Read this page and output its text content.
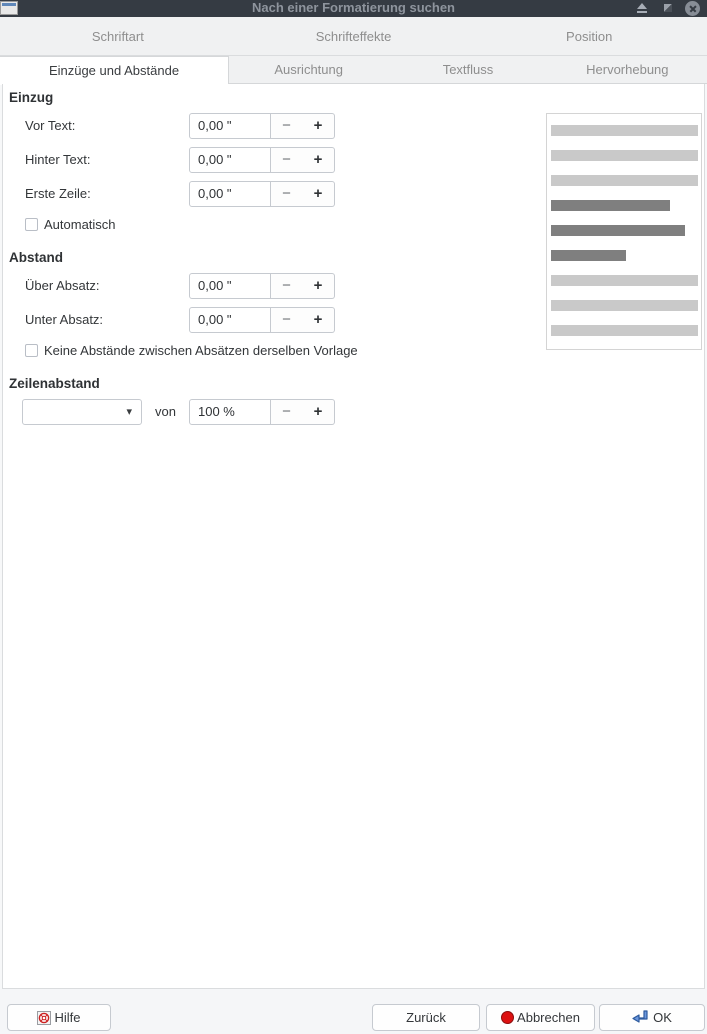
Nach einer Formatierung suchen
Schriftart	Schrifteffekte	Position
Einzüge und Abstände	Ausrichtung	Textfluss	Hervorhebung
Einzug
Vor Text:	0,00 "	−	+
Hinter Text:	0,00 "	−	+
Erste Zeile:	0,00 "	−	+
Automatisch
Abstand
Über Absatz:	0,00 "	−	+
Unter Absatz:	0,00 "	−	+
Keine Abstände zwischen Absätzen derselben Vorlage
Zeilenabstand
▾ von	100 %	−	+
Hilfe	Zurück	Abbrechen	OK
